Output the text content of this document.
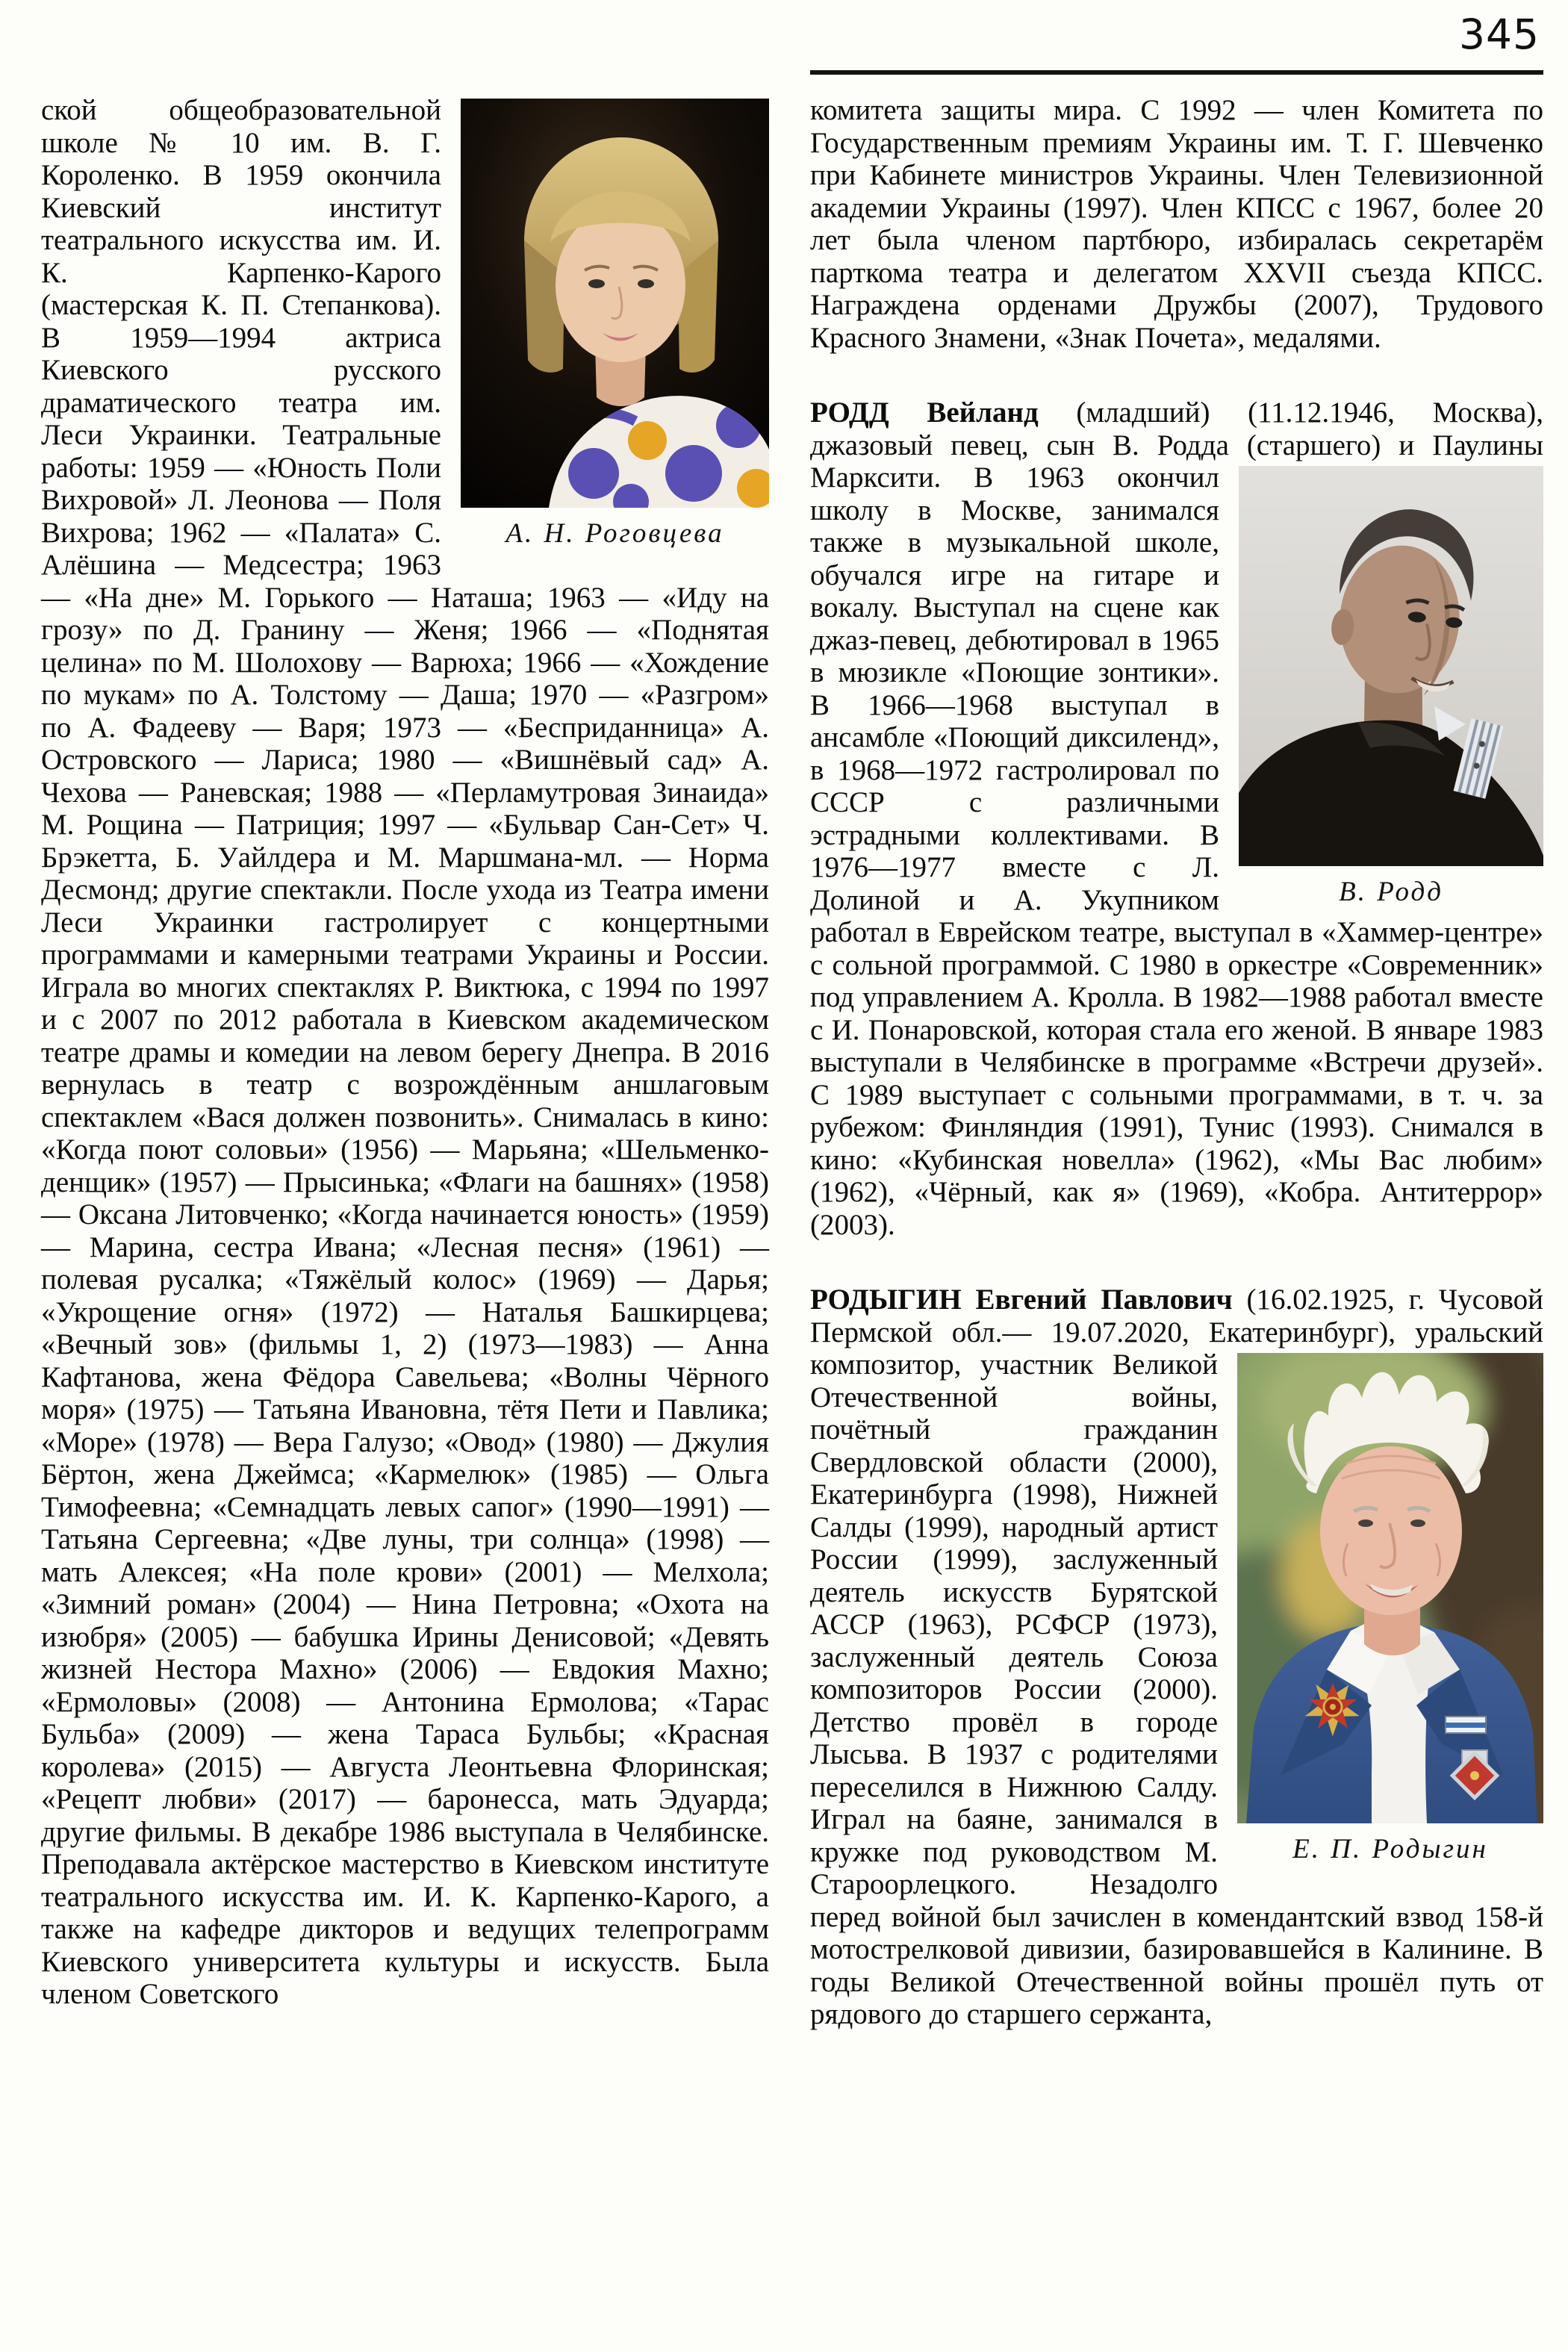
345
А. Н. Роговцева
ской общеобразовательной школе № 10 им. В. Г. Короленко. В 1959 окончила Киевский институт театрального искусства им. И. К. Карпенко-Карого (мастерская К. П. Степанкова). В 1959—1994 актриса Киевского русского драматического театра им. Леси Украинки. Театральные работы: 1959 — «Юность Поли Вихровой» Л. Леонова — Поля Вихрова; 1962 — «Палата» С. Алёшина — Медсестра; 1963 — «На дне» М. Горького — Наташа; 1963 — «Иду на грозу» по Д. Гранину — Женя; 1966 — «Поднятая целина» по М. Шолохову — Варюха; 1966 — «Хождение по мукам» по А. Толстому — Даша; 1970 — «Разгром» по А. Фадееву — Варя; 1973 — «Бесприданница» А. Островского — Лариса; 1980 — «Вишнёвый сад» А. Чехова — Раневская; 1988 — «Перламутровая Зинаида» М. Рощина — Патриция; 1997 — «Бульвар Сан-Сет» Ч. Брэкетта, Б. Уайлдера и М. Маршмана-мл. — Норма Десмонд; другие спектакли. После ухода из Театра имени Леси Украинки гастролирует с концертными программами и камерными театрами Украины и России. Играла во многих спектаклях Р. Виктюка, с 1994 по 1997 и с 2007 по 2012 работала в Киевском академическом театре драмы и комедии на левом берегу Днепра. В 2016 вернулась в театр с возрождённым аншлаговым спектаклем «Вася должен позвонить». Снималась в кино: «Когда поют соловьи» (1956) — Марьяна; «Шельменко-денщик» (1957) — Прысинька; «Флаги на башнях» (1958) — Оксана Литовченко; «Когда начинается юность» (1959) — Марина, сестра Ивана; «Лесная песня» (1961) — полевая русалка; «Тяжёлый колос» (1969) — Дарья; «Укрощение огня» (1972) — Наталья Башкирцева; «Вечный зов» (фильмы 1, 2) (1973—1983) — Анна Кафтанова, жена Фёдора Савельева; «Волны Чёрного моря» (1975) — Татьяна Ивановна, тётя Пети и Павлика; «Море» (1978) — Вера Галузо; «Овод» (1980) — Джулия Бёртон, жена Джеймса; «Кармелюк» (1985) — Ольга Тимофеевна; «Семнадцать левых сапог» (1990—1991) — Татьяна Сергеевна; «Две луны, три солнца» (1998) — мать Алексея; «На поле крови» (2001) — Мелхола; «Зимний роман» (2004) — Нина Петровна; «Охота на изюбря» (2005) — бабушка Ирины Денисовой; «Девять жизней Нестора Махно» (2006) — Евдокия Махно; «Ермоловы» (2008) — Антонина Ермолова; «Тарас Бульба» (2009) — жена Тараса Бульбы; «Красная королева» (2015) — Августа Леонтьевна Флоринская; «Рецепт любви» (2017) — баронесса, мать Эдуарда; другие фильмы. В декабре 1986 выступала в Челябинске. Преподавала актёрское мастерство в Киевском институте театрального искусства им. И. К. Карпенко-Карого, а также на кафедре дикторов и ведущих телепрограмм Киевского университета культуры и искусств. Была членом Советского
комитета защиты мира. С 1992 — член Комитета по Государственным премиям Украины им. Т. Г. Шевченко при Кабинете министров Украины. Член Телевизионной академии Украины (1997). Член КПСС с 1967, более 20 лет была членом партбюро, избиралась секретарём парткома театра и делегатом XXVII съезда КПСС. Награждена орденами Дружбы (2007), Трудового Красного Знамени, «Знак Почета», медалями.
РОДД Вейланд (младший) (11.12.1946, Москва), джазовый певец, сын В. Родда (старшего) и
В. Родд
Паулины Марксити. В 1963 окончил школу в Москве, занимался также в музыкальной школе, обучался игре на гитаре и вокалу. Выступал на сцене как джаз-певец, дебютировал в 1965 в мюзикле «Поющие зонтики». В 1966—1968 выступал в ансамбле «Поющий диксиленд», в 1968—1972 гастролировал по СССР с различными эстрадными коллективами. В 1976—1977 вместе с Л. Долиной и А. Укупником работал в Еврейском театре, выступал в «Хаммер-центре» с сольной программой. С 1980 в оркестре «Современник» под управлением А. Кролла. В 1982—1988 работал вместе с И. Понаровской, которая стала его женой. В январе 1983 выступали в Челябинске в программе «Встречи друзей». С 1989 выступает с сольными программами, в т. ч. за рубежом: Финляндия (1991), Тунис (1993). Снимался в кино: «Кубинская новелла» (1962), «Мы Вас любим» (1962), «Чёрный, как я» (1969), «Кобра. Антитеррор» (2003).
РОДЫГИН Евгений Павлович (16.02.1925, г. Чусовой Пермской обл.— 19.07.2020, Екатеринбург), уральский
Е. П. Родыгин
композитор, участник Великой Отечественной войны, почётный гражданин Свердловской области (2000), Екатеринбурга (1998), Нижней Салды (1999), народный артист России (1999), заслуженный деятель искусств Бурятской АССР (1963), РСФСР (1973), заслуженный деятель Союза композиторов России (2000). Детство провёл в городе Лысьва. В 1937 с родителями переселился в Нижнюю Салду. Играл на баяне, занимался в кружке под руководством М. Староорлецкого. Незадолго перед войной был зачислен в комендантский взвод 158-й мотострелковой дивизии, базировавшейся в Калинине. В годы Великой Отечественной войны прошёл путь от рядового до старшего сержанта,
